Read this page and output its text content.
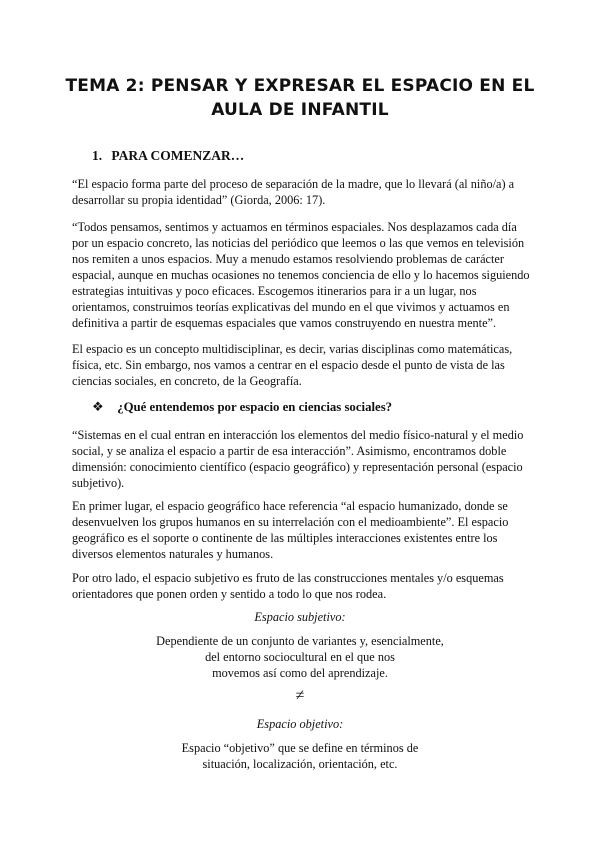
TEMA 2: PENSAR Y EXPRESAR EL ESPACIO EN EL
AULA DE INFANTIL
1. PARA COMENZAR…
“El espacio forma parte del proceso de separación de la madre, que lo llevará (al niño/a) a
desarrollar su propia identidad” (Giorda, 2006: 17).
“Todos pensamos, sentimos y actuamos en términos espaciales. Nos desplazamos cada día
por un espacio concreto, las noticias del periódico que leemos o las que vemos en televisión
nos remiten a unos espacios. Muy a menudo estamos resolviendo problemas de carácter
espacial, aunque en muchas ocasiones no tenemos conciencia de ello y lo hacemos siguiendo
estrategias intuitivas y poco eficaces. Escogemos itinerarios para ir a un lugar, nos
orientamos, construimos teorías explicativas del mundo en el que vivimos y actuamos en
definitiva a partir de esquemas espaciales que vamos construyendo en nuestra mente”.
El espacio es un concepto multidisciplinar, es decir, varias disciplinas como matemáticas,
física, etc. Sin embargo, nos vamos a centrar en el espacio desde el punto de vista de las
ciencias sociales, en concreto, de la Geografía.
❖ ¿Qué entendemos por espacio en ciencias sociales?
“Sistemas en el cual entran en interacción los elementos del medio físico-natural y el medio
social, y se analiza el espacio a partir de esa interacción”. Asimismo, encontramos doble
dimensión: conocimiento científico (espacio geográfico) y representación personal (espacio
subjetivo).
En primer lugar, el espacio geográfico hace referencia “al espacio humanizado, donde se
desenvuelven los grupos humanos en su interrelación con el medioambiente”. El espacio
geográfico es el soporte o continente de las múltiples interacciones existentes entre los
diversos elementos naturales y humanos.
Por otro lado, el espacio subjetivo es fruto de las construcciones mentales y/o esquemas
orientadores que ponen orden y sentido a todo lo que nos rodea.
Espacio subjetivo:
Dependiente de un conjunto de variantes y, esencialmente,
del entorno sociocultural en el que nos
movemos así como del aprendizaje.
≠
Espacio objetivo:
Espacio “objetivo” que se define en términos de
situación, localización, orientación, etc.
